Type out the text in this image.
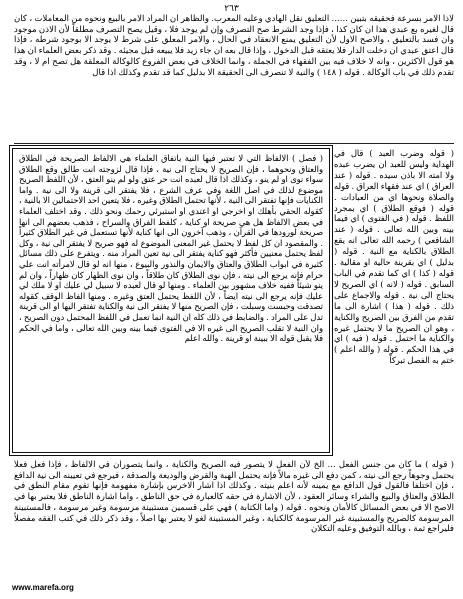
٢٦٣
لاذا الامر بسرعة فحقيقه بتبين ...... التعليق نقل الهادي وعليه المعرب. والظاهر ان المراد الامر بالبيع ونحوه من المعاملات ، كأن قال لغيره بع عبدي هذا ان كان كذا ، فإذا وجد الشرط صح التصرف وإن لم يوجد فلا ، وقيل يصح التصرف مطلقاً لأن الاذن موجود وان فسد بالتعليق ، والاصح الاول لأن التعليق يمنع الانعقاد في الحال ، والامر المعلق على شرط لا يوجد الا بوجود شرطه ، فإذا قال اعتق عبدي ان دخلت الدار فلا يعتقه قبل الدخول ، وإذا قال بعه ان جاء زيد فلا يبيعه قبل مجيئه . وقد ذكر بعض العلماء ان هذا هو قول الاكثرين ، وانه لا خلاف فيه بين الفقهاء في الجملة ، وانما الخلاف في بعض الفروع كالوكالة المعلقة هل تصح ام لا ، وقد تقدم ذلك في باب الوكالة . قوله ( ١٤٨ ) والنية لا تنصرف الى الحقيقة الا بدليل كما قد تقدم وكذلك اذا قال
( فصل ) الالفاظ التي لا تعتبر فيها النية باتفاق العلماء هي الالفاظ الصريحة في الطلاق والعتاق ونحوهما ، فإن الصريح لا يحتاج الى نية ، فإذا قال لزوجته انت طالق وقع الطلاق سواء نوى او لم ينو ، وكذلك اذا قال لعبده انت حر عتق ولو لم ينو العتق ، لأن اللفظ الصريح موضوع لذلك في اصل اللغة وفي عرف الشرع ، فلا يفتقر الى قرينة ولا الى نية . واما الكنايات فإنها تفتقر الى النية ، لأنها تحتمل الطلاق وغيره ، فلا يتعين احد الاحتمالين الا بالنية ، كقوله الحقي بأهلك او اخرجي او اعتدي او استبرئي رحمك ونحو ذلك . وقد اختلف العلماء في بعض الالفاظ هل هي صريحة او كناية ، كلفظ الفراق والسراح ، فذهب بعضهم الى انها صريحة لورودها في القرآن ، وذهب آخرون الى انها كناية لأنها تستعمل في غير الطلاق كثيراً . والمقصود ان كل لفظ لا يحتمل غير المعنى الموضوع له فهو صريح لا يفتقر الى نية ، وكل لفظ يحتمل معنيين فأكثر فهو كناية يفتقر الى نية تعين المراد منه . ويتفرع على ذلك مسائل كثيرة في ابواب الطلاق والعتاق والايمان والنذور والبيوع ، منها انه لو قال لامرأته انت علي حرام فإنه يرجع الى نيته ، فإن نوى الطلاق كان طلاقاً ، وان نوى الظهار كان ظهاراً ، وان لم ينو شيئاً ففيه خلاف مشهور بين العلماء . ومنها لو قال لعبده لا سبيل لي عليك او لا ملك لي عليك فإنه يرجع الى نيته ايضاً ، لأن اللفظ يحتمل العتق وغيره . ومنها الفاظ الوقف كقوله تصدقت وحبست وسبلت ، فإن الصريح منها لا يفتقر الى نية والكناية تفتقر اليها او الى قرينة تدل على المراد . والضابط في ذلك كله ان النية انما تعمل في اللفظ المحتمل دون الصريح ، وان النية لا تقلب الصريح الى غيره الا في الفتوى فيما بينه وبين الله تعالى ، واما في الحكم فلا يقبل قوله الا ببينة او قرينة . والله اعلم
( قوله وضرب العبد ) قال في الهداية وليس للعبد ان يضرب عبده ولا امته الا باذن سيده . قوله ( عند العراق ) اي عند فقهاء العراق . قوله والصلاة ونحوها اي من العبادات . قوله ( فوقع الطلاق ) اي بمجرد اللفظ . قوله ( في الفتوى ) اي فيما بينه وبين الله تعالى . قوله ( عند الشافعي ) رحمه الله تعالى انه يقع الطلاق بالكناية مع النية . قوله ( بدليل ) اي بقرينة حالية او مقالية . قوله ( كذا ) اي كما تقدم في الباب السابق . قوله ( لانه ) اي الصريح لا يحتاج الى نية . قوله والاجماع على ذلك . قوله ( هذا ) اشارة الى ما تقدم من الفرق بين الصريح والكناية ، وهو ان الصريح ما لا يحتمل غيره والكناية ما احتمل . قوله ( فيه ) اي في هذا الحكم . قوله ( والله اعلم ) ختم به الفصل تبركاً
( قوله ) ما كان من جنس الفعل ... الخ لأن الفعل لا يتصور فيه الصريح والكناية ، وانما يتصوران في الالفاظ ، فإذا فعل فعلاً يحتمل وجوهاً رجع الى نيته ، كمن دفع الى غيره مالاً فإنه يحتمل الهبة والقرض والوديعة والصدقة ، فيرجع في تعيينه الى نية الدافع ، فإن اختلفا فالقول قول الدافع مع يمينه لأنه اعلم بنيته . وكذلك اذا اشار الاخرس بإشارة مفهومة فإنها تقوم مقام النطق في الطلاق والعتاق والبيع والشراء وسائر العقود ، لأن الاشارة في حقه كالعبارة في حق الناطق ، واما اشارة الناطق فلا يعتبر بها في الاصح الا في بعض المسائل كالأمان ونحوه . قوله ( واما الكتابة ) فهي على قسمين مستبينة مرسومة وغير مرسومة ، فالمستبينة المرسومة كالصريح والمستبينة غير المرسومة كالكناية ، وغير المستبينة لغو لا يعتبر بها اصلاً ، وقد ذكر ذلك في كتب الفقه مفصلاً فليراجع ثمة ، وبالله التوفيق وعليه التكلان
www.marefa.org
